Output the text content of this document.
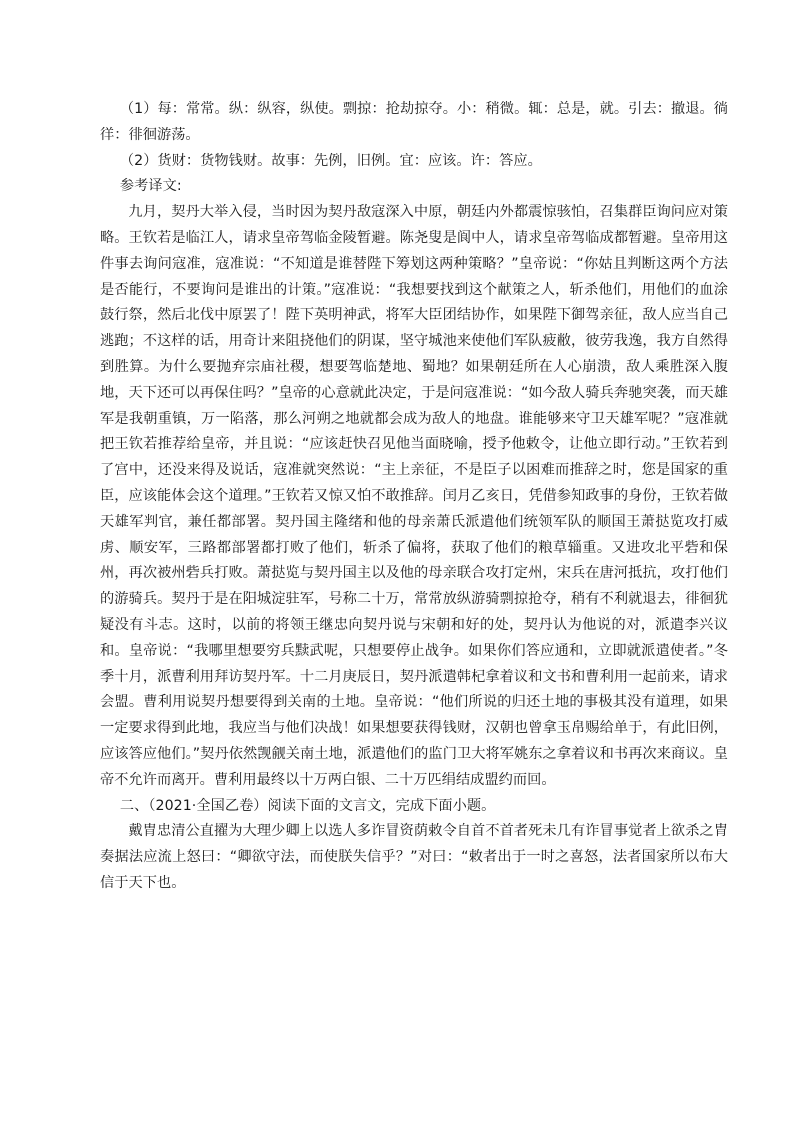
（1）每：常常。纵：纵容，纵使。剽掠：抢劫掠夺。小：稍微。辄：总是，就。引去：撤退。徜徉：徘徊游荡。

（2）货财：货物钱财。故事：先例，旧例。宜：应该。许：答应。

参考译文:

九月，契丹大举入侵，当时因为契丹敌寇深入中原，朝廷内外都震惊骇怕，召集群臣询问应对策略。王钦若是临江人，请求皇帝驾临金陵暂避。陈尧叟是阆中人，请求皇帝驾临成都暂避。皇帝用这件事去询问寇准，寇准说：“不知道是谁替陛下筹划这两种策略？”皇帝说：“你姑且判断这两个方法是否能行，不要询问是谁出的计策。”寇准说：“我想要找到这个献策之人，斩杀他们，用他们的血涂鼓行祭，然后北伐中原罢了！陛下英明神武，将军大臣团结协作，如果陛下御驾亲征，敌人应当自己逃跑；不这样的话，用奇计来阻挠他们的阴谋，坚守城池来使他们军队疲敝，彼劳我逸，我方自然得到胜算。为什么要抛弃宗庙社稷，想要驾临楚地、蜀地？如果朝廷所在人心崩溃，敌人乘胜深入腹地，天下还可以再保住吗？”皇帝的心意就此决定，于是问寇准说：“如今敌人骑兵奔驰突袭，而天雄军是我朝重镇，万一陷落，那么河朔之地就都会成为敌人的地盘。谁能够来守卫天雄军呢？”寇准就把王钦若推荐给皇帝，并且说：“应该赶快召见他当面晓喻，授予他敕令，让他立即行动。”王钦若到了宫中，还没来得及说话，寇准就突然说：“主上亲征，不是臣子以困难而推辞之时，您是国家的重臣，应该能体会这个道理。”王钦若又惊又怕不敢推辞。闰月乙亥日，凭借参知政事的身份，王钦若做天雄军判官，兼任都部署。契丹国主隆绪和他的母亲萧氏派遣他们统领军队的顺国王萧挞览攻打威虏、顺安军，三路都部署都打败了他们，斩杀了偏将，获取了他们的粮草辎重。又进攻北平砦和保州，再次被州砦兵打败。萧挞览与契丹国主以及他的母亲联合攻打定州，宋兵在唐河抵抗，攻打他们的游骑兵。契丹于是在阳城淀驻军，号称二十万，常常放纵游骑剽掠抢夺，稍有不利就退去，徘徊犹疑没有斗志。这时，以前的将领王继忠向契丹说与宋朝和好的处，契丹认为他说的对，派遣李兴议和。皇帝说：“我哪里想要穷兵黩武呢，只想要停止战争。如果你们答应通和，立即就派遣使者。”冬季十月，派曹利用拜访契丹军。十二月庚辰日，契丹派遣韩杞拿着议和文书和曹利用一起前来，请求会盟。曹利用说契丹想要得到关南的土地。皇帝说：“他们所说的归还土地的事极其没有道理，如果一定要求得到此地，我应当与他们决战！如果想要获得钱财，汉朝也曾拿玉帛赐给单于，有此旧例，应该答应他们。”契丹依然觊觎关南土地，派遣他们的监门卫大将军姚东之拿着议和书再次来商议。皇帝不允许而离开。曹利用最终以十万两白银、二十万匹绢结成盟约而回。

二、（2021·全国乙卷）阅读下面的文言文，完成下面小题。

戴胄忠清公直擢为大理少卿上以选人多诈冒资荫敕令自首不首者死未几有诈冒事觉者上欲杀之胄奏据法应流上怒曰：“卿欲守法，而使朕失信乎？”对曰：“敕者出于一时之喜怒，法者国家所以布大信于天下也。
